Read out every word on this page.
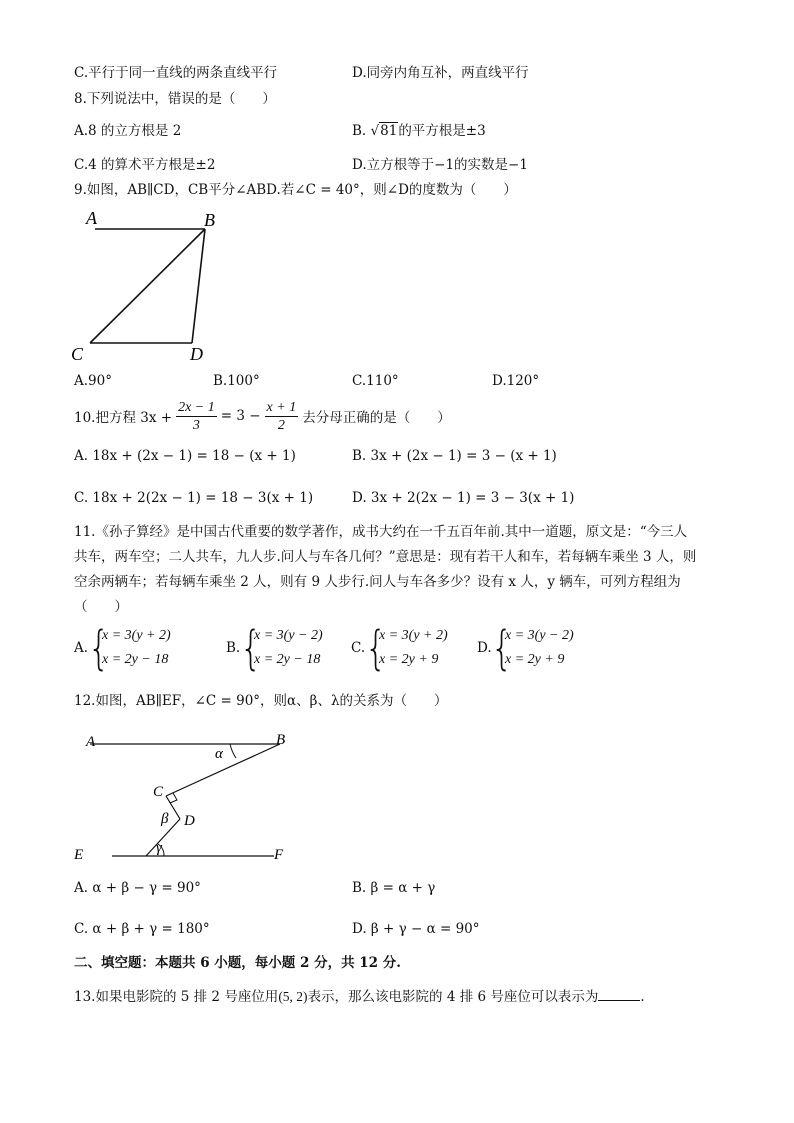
C.平行于同一直线的两条直线平行	D.同旁内角互补，两直线平行
8.下列说法中，错误的是（　　）
A.8 的立方根是 2	B. √81的平方根是±3
C.4 的算术平方根是±2	D.立方根等于−1的实数是−1
9.如图，AB∥CD，CB平分∠ABD.若∠C = 40°，则∠D的度数为（　　）
A	B
C	D
A.90°	B.100°	C.110°	D.120°
10.把方程 $3x + \frac{2x - 1}{3} = 3 - \frac{x + 1}{2}$ 去分母正确的是（　　）
A. 18x + (2x − 1) = 18 − (x + 1)	B. 3x + (2x − 1) = 3 − (x + 1)
C. 18x + 2(2x − 1) = 18 − 3(x + 1)	D. 3x + 2(2x − 1) = 3 − 3(x + 1)
11.《孙子算经》是中国古代重要的数学著作，成书大约在一千五百年前.其中一道题，原文是：“今三人
共车，两车空；二人共车，九人步.问人与车各几何？”意思是：现有若干人和车，若每辆车乘坐 3 人，则
空余两辆车；若每辆车乘坐 2 人，则有 9 人步行.问人与车各多少？设有 x 人，y 辆车，可列方程组为
（　　）
A. {
x = 3(y + 2)
x = 2y − 18
B. {
x = 3(y − 2)
x = 2y − 18
C. {
x = 3(y + 2)
x = 2y + 9
D. {
x = 3(y − 2)
x = 2y + 9
12.如图，AB∥EF，∠C = 90°，则α、β、λ的关系为（　　）
A	B
α
C
β D
E	γ	F
A. α + β − γ = 90°	B. β = α + γ
C. α + β + γ = 180°	D. β + γ − α = 90°
二、填空题：本题共 6 小题，每小题 2 分，共 12 分.
13.如果电影院的 5 排 2 号座位用(5, 2)表示，那么该电影院的 4 排 6 号座位可以表示为	.
